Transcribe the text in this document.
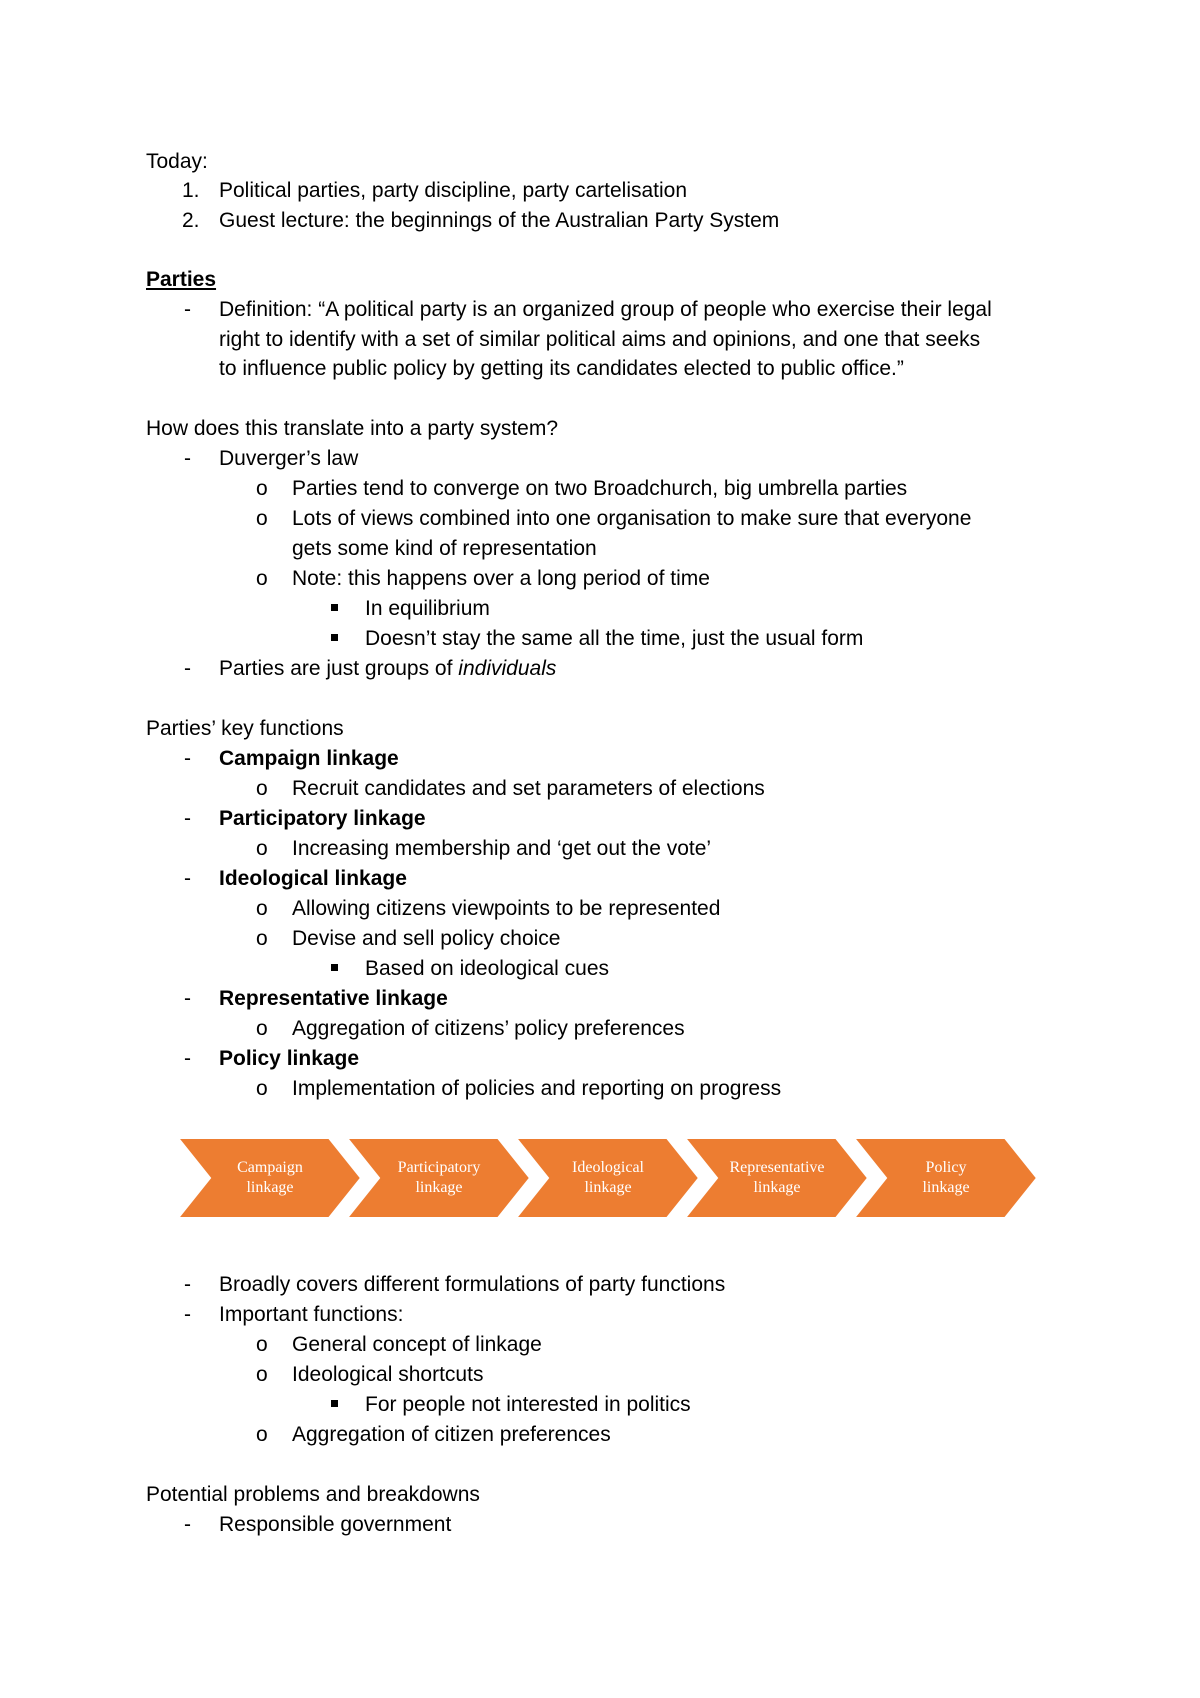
Today:
1. Political parties, party discipline, party cartelisation
2. Guest lecture: the beginnings of the Australian Party System
Parties
- Definition: “A political party is an organized group of people who exercise their legal
right to identify with a set of similar political aims and opinions, and one that seeks
to influence public policy by getting its candidates elected to public office.”
How does this translate into a party system?
- Duverger’s law
o Parties tend to converge on two Broadchurch, big umbrella parties
o Lots of views combined into one organisation to make sure that everyone
gets some kind of representation
o Note: this happens over a long period of time
In equilibrium
Doesn’t stay the same all the time, just the usual form
- Parties are just groups of individuals
Parties’ key functions
- Campaign linkage
o Recruit candidates and set parameters of elections
- Participatory linkage
o Increasing membership and ‘get out the vote’
- Ideological linkage
o Allowing citizens viewpoints to be represented
o Devise and sell policy choice
Based on ideological cues
- Representative linkage
o Aggregation of citizens’ policy preferences
- Policy linkage
o Implementation of policies and reporting on progress
Campaign
linkage
Participatory
linkage
Ideological
linkage
Representative
linkage
Policy
linkage
- Broadly covers different formulations of party functions
- Important functions:
o General concept of linkage
o Ideological shortcuts
For people not interested in politics
o Aggregation of citizen preferences
Potential problems and breakdowns
- Responsible government
